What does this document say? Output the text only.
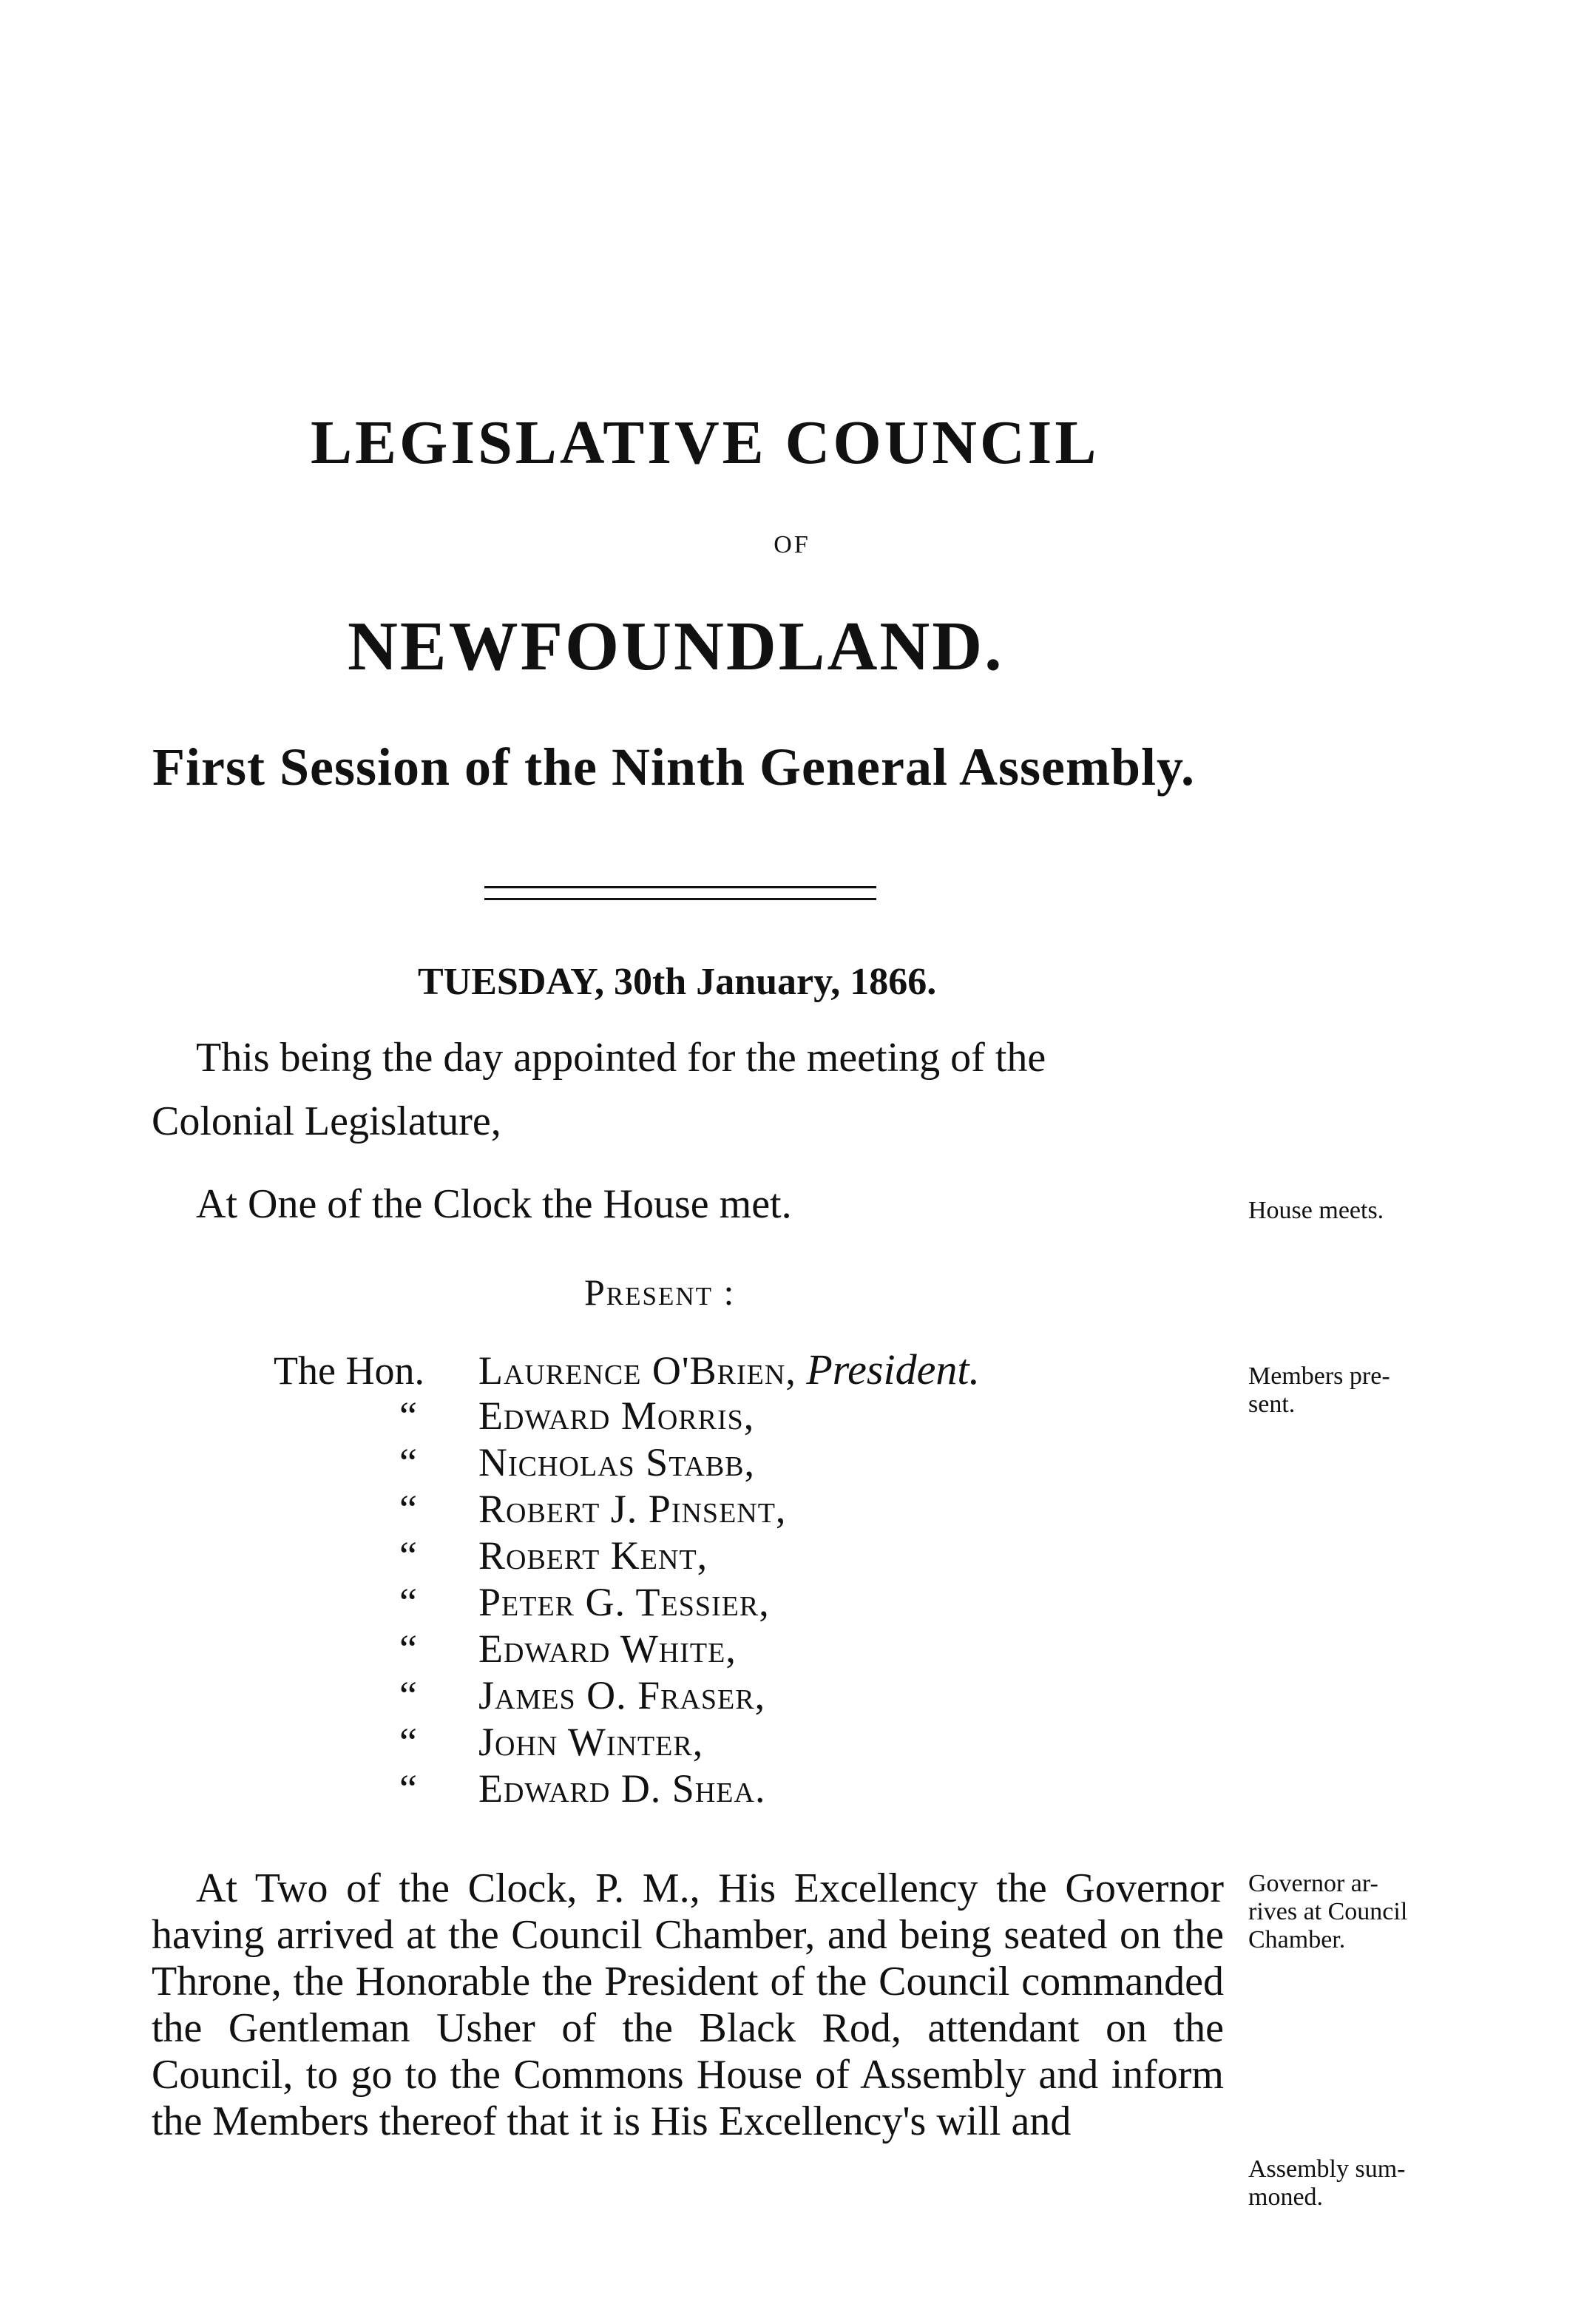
LEGISLATIVE COUNCIL
OF
NEWFOUNDLAND.
First Session of the Ninth General Assembly.
TUESDAY, 30th January, 1866.

This being the day appointed for the meeting of the

Colonial Legislature,

At One of the Clock the House met.

Present :
The Hon. Laurence O'Brien, President.
“ Edward Morris,
“ Nicholas Stabb,
“ Robert J. Pinsent,
“ Robert Kent,
“ Peter G. Tessier,
“ Edward White,
“ James O. Fraser,
“ John Winter,
“ Edward D. Shea.

At Two of the Clock, P. M., His Excellency the Governor having arrived at the Council Chamber, and being seated on the Throne, the Honorable the President of the Council commanded the Gentleman Usher of the Black Rod, attendant on the Council, to go to the Commons House of Assembly and inform the Members thereof that it is His Excellency's will and

House meets.
Members pre-
sent.
Governor ar-
rives at Council
Chamber.
Assembly sum-
moned.
